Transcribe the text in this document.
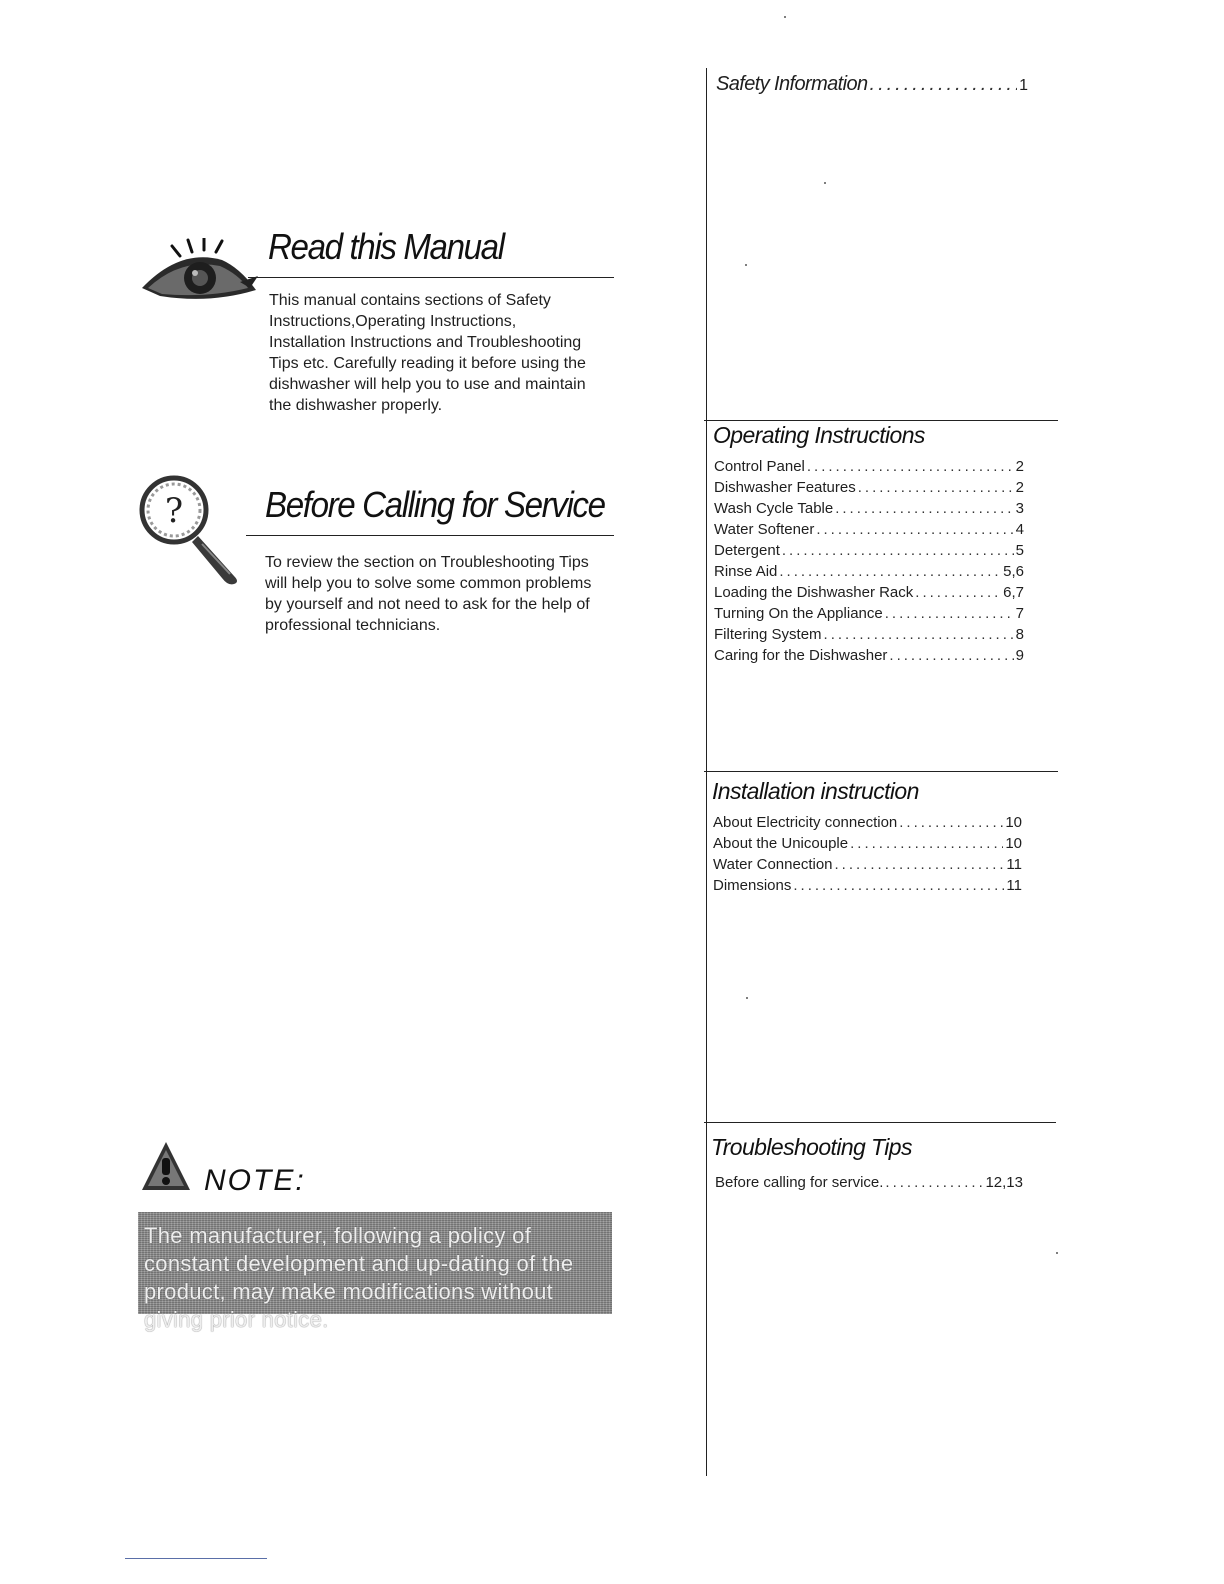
Read this Manual
This manual contains sections of Safety
Instructions,Operating Instructions,
Installation Instructions and Troubleshooting
Tips etc. Carefully reading it before using the
dishwasher will help you to use and maintain
the dishwasher properly.
? Before Calling for Service
To review the section on Troubleshooting Tips
will help you to solve some common problems
by yourself and not need to ask for the help of
professional technicians.
NOTE:
The manufacturer, following a policy of constant development and up-dating of the product, may make modifications without giving prior notice.
Safety Information .....	1
Operating Instructions
Control Panel .....	2
Dishwasher Features .....	2
Wash Cycle Table .....	3
Water Softener .....	4
Detergent .....	5
Rinse Aid .....	5,6
Loading the Dishwasher Rack .....	6,7
Turning On the Appliance .....	7
Filtering System .....	8
Caring for the Dishwasher .....	9
Installation instruction
About Electricity connection .....	10
About the Unicouple .....	10
Water Connection .....	11
Dimensions .....	11
Troubleshooting Tips
Before calling for service. .....	12,13
